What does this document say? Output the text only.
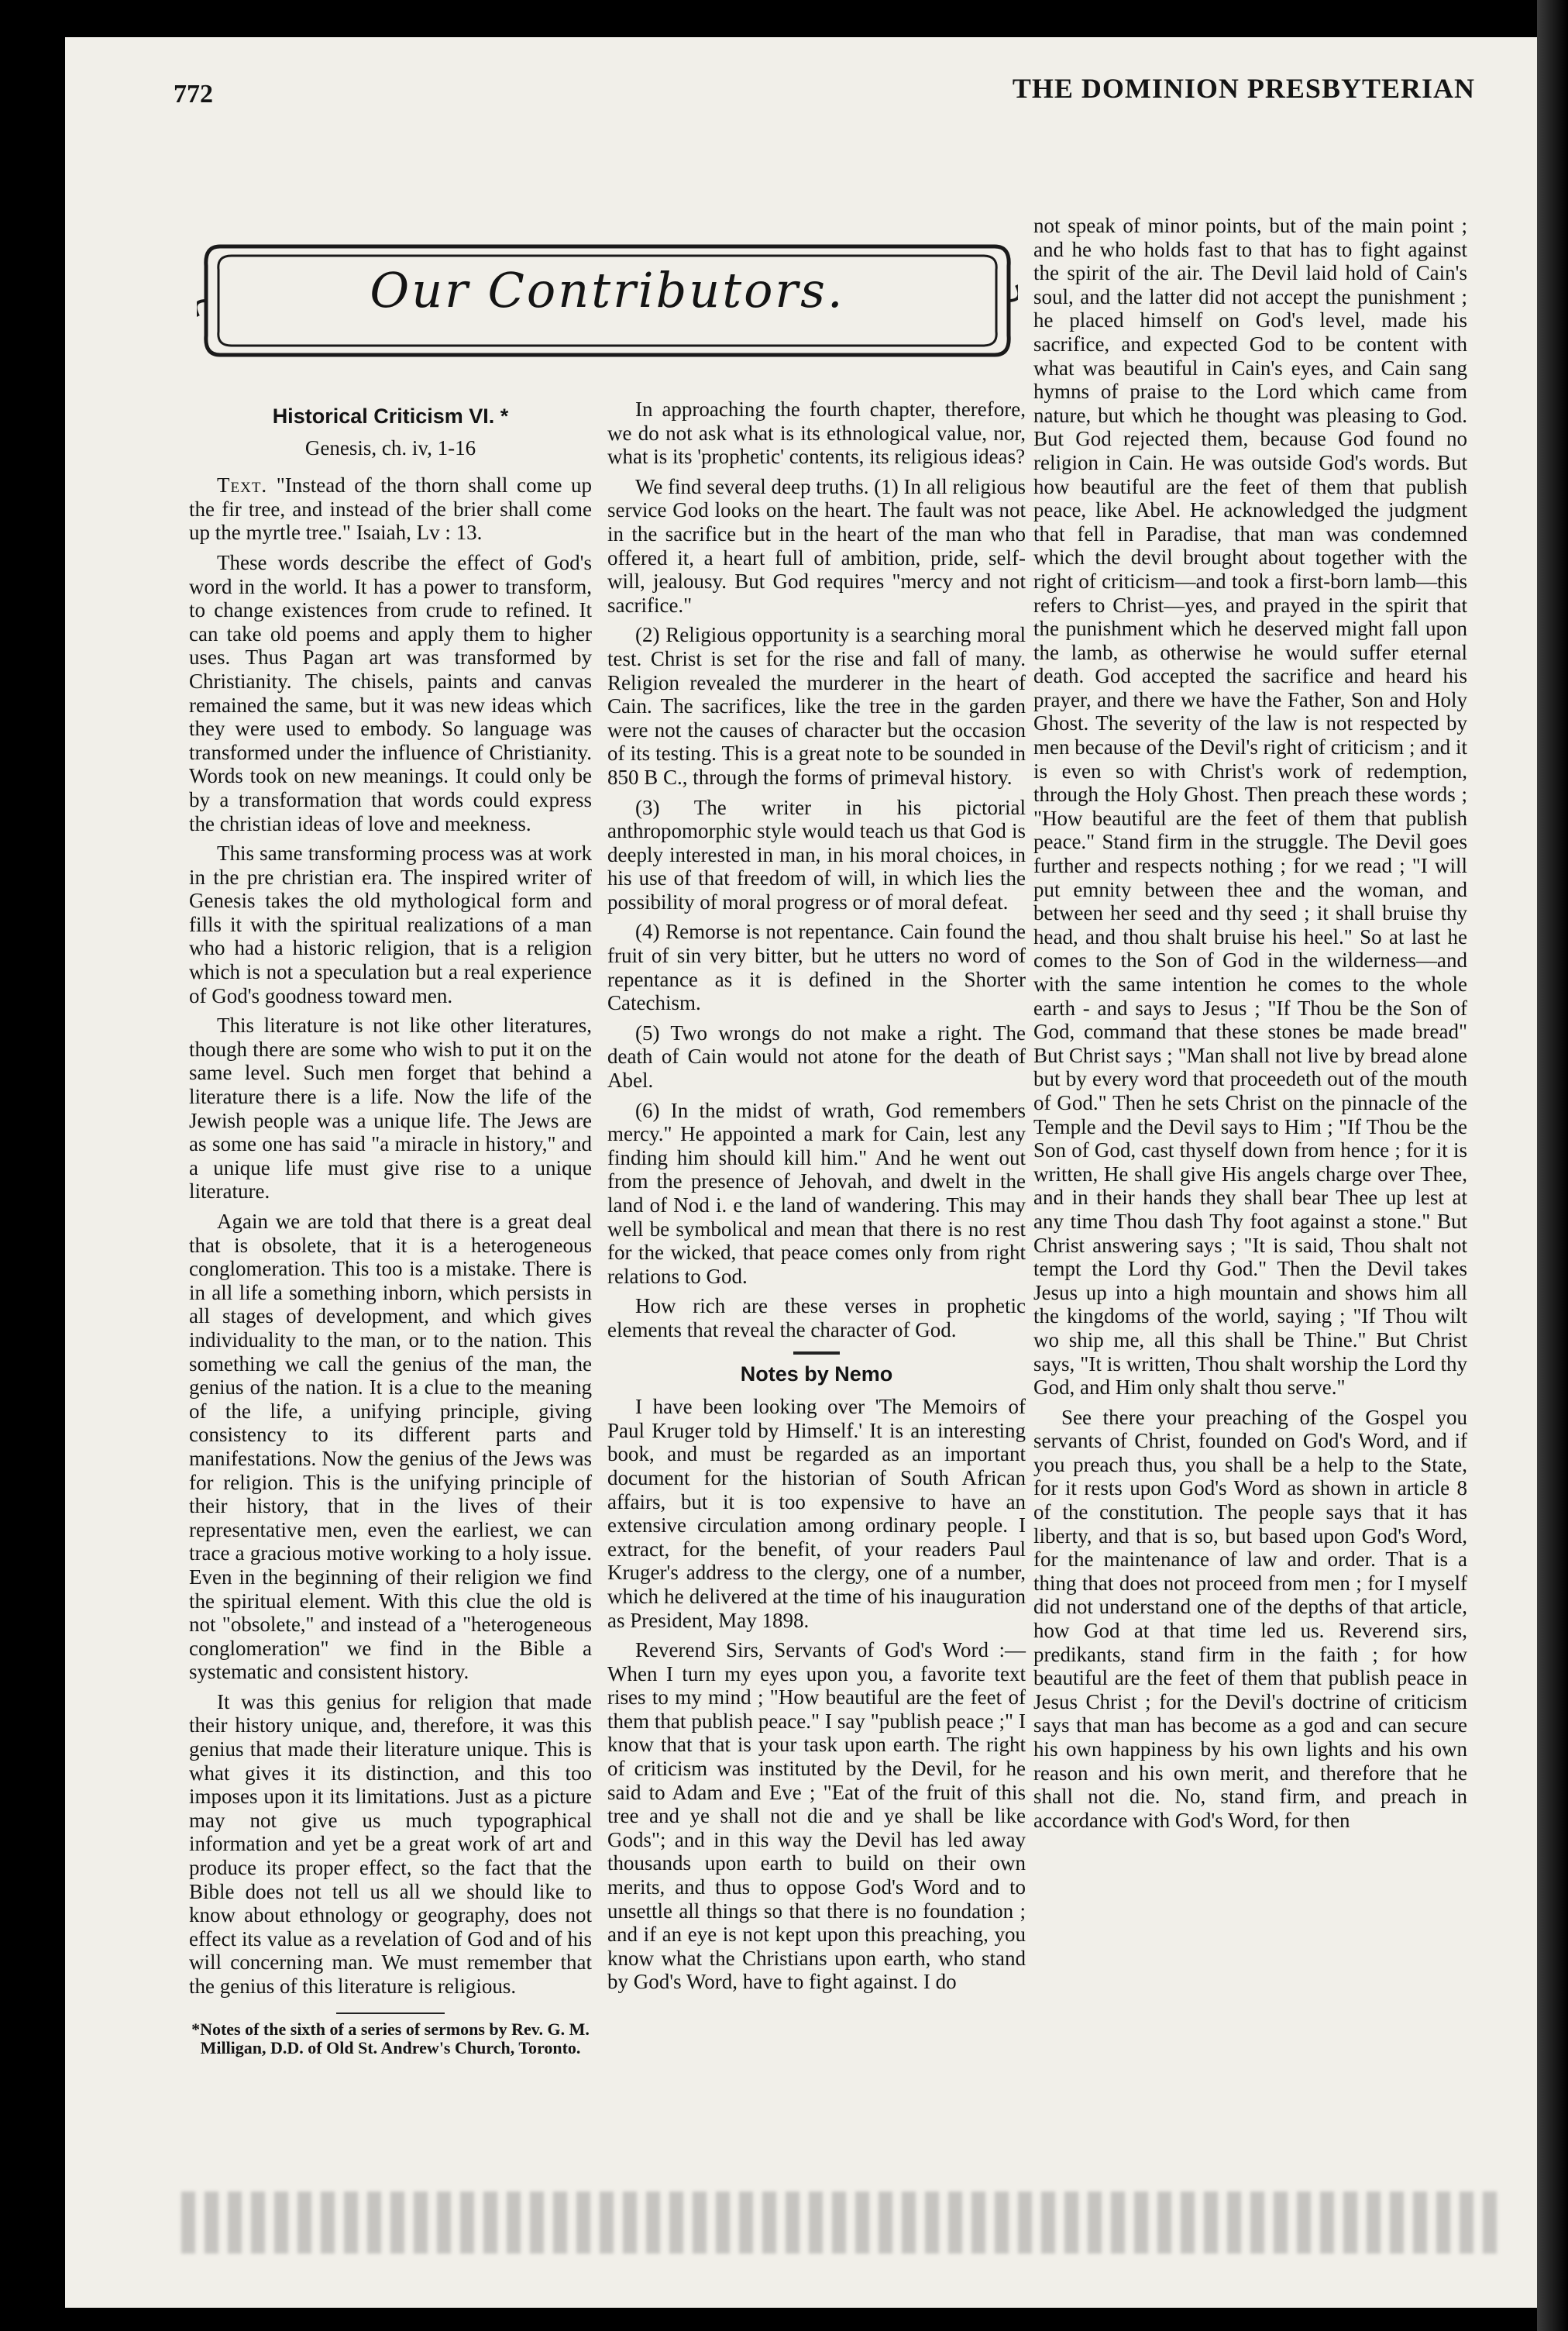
772	THE DOMINION PRESBYTERIAN
Our Contributors.
Historical Criticism VI. *
Genesis, ch. iv, 1-16

Text. "Instead of the thorn shall come up the fir tree, and instead of the brier shall come up the myrtle tree." Isaiah, Lv : 13.

These words describe the effect of God's word in the world. It has a power to transform, to change existences from crude to refined. It can take old poems and apply them to higher uses. Thus Pagan art was transformed by Christianity. The chisels, paints and canvas remained the same, but it was new ideas which they were used to embody. So language was transformed under the influence of Christianity. Words took on new meanings. It could only be by a transformation that words could express the christian ideas of love and meekness.

This same transforming process was at work in the pre christian era. The inspired writer of Genesis takes the old mythological form and fills it with the spiritual realizations of a man who had a historic religion, that is a religion which is not a speculation but a real experience of God's goodness toward men.

This literature is not like other literatures, though there are some who wish to put it on the same level. Such men forget that behind a literature there is a life. Now the life of the Jewish people was a unique life. The Jews are as some one has said "a miracle in history," and a unique life must give rise to a unique literature.

Again we are told that there is a great deal that is obsolete, that it is a heterogeneous conglomeration. This too is a mistake. There is in all life a something inborn, which persists in all stages of development, and which gives individuality to the man, or to the nation. This something we call the genius of the man, the genius of the nation. It is a clue to the meaning of the life, a unifying principle, giving consistency to its different parts and manifestations. Now the genius of the Jews was for religion. This is the unifying principle of their history, that in the lives of their representative men, even the earliest, we can trace a gracious motive working to a holy issue. Even in the beginning of their religion we find the spiritual element. With this clue the old is not "obsolete," and instead of a "heterogeneous conglomeration" we find in the Bible a systematic and consistent history.

It was this genius for religion that made their history unique, and, therefore, it was this genius that made their literature unique. This is what gives it its distinction, and this too imposes upon it its limitations. Just as a picture may not give us much typographical information and yet be a great work of art and produce its proper effect, so the fact that the Bible does not tell us all we should like to know about ethnology or geography, does not effect its value as a revelation of God and of his will concerning man. We must remember that the genius of this literature is religious.

*Notes of the sixth of a series of sermons by Rev. G. M. Milligan, D.D. of Old St. Andrew's Church, Toronto.

In approaching the fourth chapter, therefore, we do not ask what is its ethnological value, nor, what is its 'prophetic' contents, its religious ideas?

We find several deep truths. (1) In all religious service God looks on the heart. The fault was not in the sacrifice but in the heart of the man who offered it, a heart full of ambition, pride, self-will, jealousy. But God requires "mercy and not sacrifice."

(2) Religious opportunity is a searching moral test. Christ is set for the rise and fall of many. Religion revealed the murderer in the heart of Cain. The sacrifices, like the tree in the garden were not the causes of character but the occasion of its testing. This is a great note to be sounded in 850 B C., through the forms of primeval history.

(3) The writer in his pictorial anthropomorphic style would teach us that God is deeply interested in man, in his moral choices, in his use of that freedom of will, in which lies the possibility of moral progress or of moral defeat.

(4) Remorse is not repentance. Cain found the fruit of sin very bitter, but he utters no word of repentance as it is defined in the Shorter Catechism.

(5) Two wrongs do not make a right. The death of Cain would not atone for the death of Abel.

(6) In the midst of wrath, God remembers mercy." He appointed a mark for Cain, lest any finding him should kill him." And he went out from the presence of Jehovah, and dwelt in the land of Nod i. e the land of wandering. This may well be symbolical and mean that there is no rest for the wicked, that peace comes only from right relations to God.

How rich are these verses in prophetic elements that reveal the character of God.

Notes by Nemo

I have been looking over 'The Memoirs of Paul Kruger told by Himself.' It is an interesting book, and must be regarded as an important document for the historian of South African affairs, but it is too expensive to have an extensive circulation among ordinary people. I extract, for the benefit, of your readers Paul Kruger's address to the clergy, one of a number, which he delivered at the time of his inauguration as President, May 1898.

Reverend Sirs, Servants of God's Word :— When I turn my eyes upon you, a favorite text rises to my mind ; "How beautiful are the feet of them that publish peace." I say "publish peace ;" I know that that is your task upon earth. The right of criticism was instituted by the Devil, for he said to Adam and Eve ; "Eat of the fruit of this tree and ye shall not die and ye shall be like Gods"; and in this way the Devil has led away thousands upon earth to build on their own merits, and thus to oppose God's Word and to unsettle all things so that there is no foundation ; and if an eye is not kept upon this preaching, you know what the Christians upon earth, who stand by God's Word, have to fight against. I do

not speak of minor points, but of the main point ; and he who holds fast to that has to fight against the spirit of the air. The Devil laid hold of Cain's soul, and the latter did not accept the punishment ; he placed himself on God's level, made his sacrifice, and expected God to be content with what was beautiful in Cain's eyes, and Cain sang hymns of praise to the Lord which came from nature, but which he thought was pleasing to God. But God rejected them, because God found no religion in Cain. He was outside God's words. But how beautiful are the feet of them that publish peace, like Abel. He acknowledged the judgment that fell in Paradise, that man was condemned which the devil brought about together with the right of criticism—and took a first-born lamb—this refers to Christ—yes, and prayed in the spirit that the punishment which he deserved might fall upon the lamb, as otherwise he would suffer eternal death. God accepted the sacrifice and heard his prayer, and there we have the Father, Son and Holy Ghost. The severity of the law is not respected by men because of the Devil's right of criticism ; and it is even so with Christ's work of redemption, through the Holy Ghost. Then preach these words ; "How beautiful are the feet of them that publish peace." Stand firm in the struggle. The Devil goes further and respects nothing ; for we read ; "I will put emnity between thee and the woman, and between her seed and thy seed ; it shall bruise thy head, and thou shalt bruise his heel." So at last he comes to the Son of God in the wilderness—and with the same intention he comes to the whole earth - and says to Jesus ; "If Thou be the Son of God, command that these stones be made bread" But Christ says ; "Man shall not live by bread alone but by every word that proceedeth out of the mouth of God." Then he sets Christ on the pinnacle of the Temple and the Devil says to Him ; "If Thou be the Son of God, cast thyself down from hence ; for it is written, He shall give His angels charge over Thee, and in their hands they shall bear Thee up lest at any time Thou dash Thy foot against a stone." But Christ answering says ; "It is said, Thou shalt not tempt the Lord thy God." Then the Devil takes Jesus up into a high mountain and shows him all the kingdoms of the world, saying ; "If Thou wilt wo ship me, all this shall be Thine." But Christ says, "It is written, Thou shalt worship the Lord thy God, and Him only shalt thou serve."

See there your preaching of the Gospel you servants of Christ, founded on God's Word, and if you preach thus, you shall be a help to the State, for it rests upon God's Word as shown in article 8 of the constitution. The people says that it has liberty, and that is so, but based upon God's Word, for the maintenance of law and order. That is a thing that does not proceed from men ; for I myself did not understand one of the depths of that article, how God at that time led us. Reverend sirs, predikants, stand firm in the faith ; for how beautiful are the feet of them that publish peace in Jesus Christ ; for the Devil's doctrine of criticism says that man has become as a god and can secure his own happiness by his own lights and his own reason and his own merit, and therefore that he shall not die. No, stand firm, and preach in accordance with God's Word, for then
